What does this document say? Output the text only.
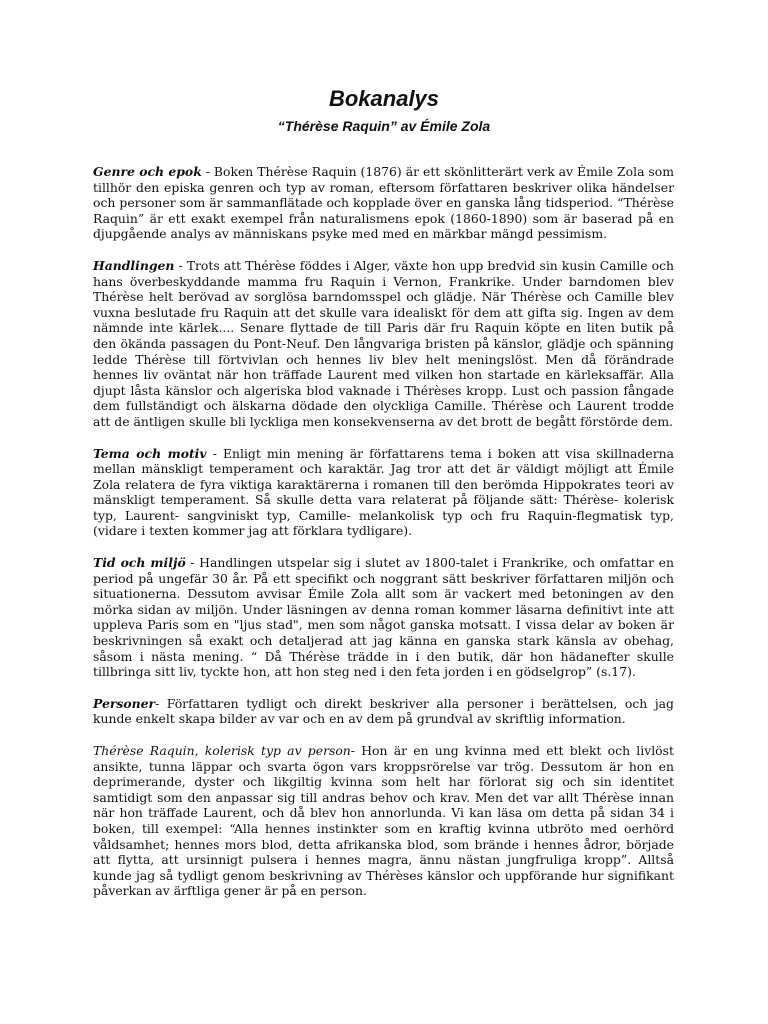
Bokanalys
“Thérèse Raquin” av Émile Zola

Genre och epok - Boken Thérèse Raquin (1876) är ett skönlitterärt verk av Émile Zola som tillhör den episka genren och typ av roman, eftersom författaren beskriver olika händelser och personer som är sammanflätade och kopplade över en ganska lång tidsperiod. “Thérèse Raquin” är ett exakt exempel från naturalismens epok (1860-1890) som är baserad på en djupgående analys av människans psyke med med en märkbar mängd pessimism.

Handlingen - Trots att Thérèse föddes i Alger, växte hon upp bredvid sin kusin Camille och hans överbeskyddande mamma fru Raquin i Vernon, Frankrike. Under barndomen blev Thérèse helt berövad av sorglösa barndomsspel och glädje. När Thérèse och Camille blev vuxna beslutade fru Raquin att det skulle vara idealiskt för dem att gifta sig. Ingen av dem nämnde inte kärlek.... Senare flyttade de till Paris där fru Raquin köpte en liten butik på den ökända passagen du Pont-Neuf. Den långvariga bristen på känslor, glädje och spänning ledde Thérèse till förtvivlan och hennes liv blev helt meningslöst. Men då förändrade hennes liv oväntat när hon träffade Laurent med vilken hon startade en kärleksaffär. Alla djupt låsta känslor och algeriska blod vaknade i Thérèses kropp. Lust och passion fångade dem fullständigt och älskarna dödade den olyckliga Camille. Thérèse och Laurent trodde att de äntligen skulle bli lyckliga men konsekvenserna av det brott de begått förstörde dem.

Tema och motiv - Enligt min mening är författarens tema i boken att visa skillnaderna mellan mänskligt temperament och karaktär. Jag tror att det är väldigt möjligt att Émile Zola relatera de fyra viktiga karaktärerna i romanen till den berömda Hippokrates teori av mänskligt temperament. Så skulle detta vara relaterat på följande sätt: Thérèse- kolerisk typ, Laurent- sangviniskt typ, Camille- melankolisk typ och fru Raquin-flegmatisk typ, (vidare i texten kommer jag att förklara tydligare).

Tid och miljö - Handlingen utspelar sig i slutet av 1800-talet i Frankrike, och omfattar en period på ungefär 30 år. På ett specifikt och noggrant sätt beskriver författaren miljön och situationerna. Dessutom avvisar Émile Zola allt som är vackert med betoningen av den mörka sidan av miljön. Under läsningen av denna roman kommer läsarna definitivt inte att uppleva Paris som en "ljus stad", men som något ganska motsatt. I vissa delar av boken är beskrivningen så exakt och detaljerad att jag känna en ganska stark känsla av obehag, såsom i nästa mening. “ Då Thérèse trädde in i den butik, där hon hädanefter skulle tillbringa sitt liv, tyckte hon, att hon steg ned i den feta jorden i en gödselgrop” (s.17).

Personer- Författaren tydligt och direkt beskriver alla personer i berättelsen, och jag kunde enkelt skapa bilder av var och en av dem på grundval av skriftlig information.

Thérèse Raquin, kolerisk typ av person- Hon är en ung kvinna med ett blekt och livlöst ansikte, tunna läppar och svarta ögon vars kroppsrörelse var trög. Dessutom är hon en deprimerande, dyster och likgiltig kvinna som helt har förlorat sig och sin identitet samtidigt som den anpassar sig till andras behov och krav. Men det var allt Thérèse innan när hon träffade Laurent, och då blev hon annorlunda. Vi kan läsa om detta på sidan 34 i boken, till exempel: “Alla hennes instinkter som en kraftig kvinna utbröto med oerhörd våldsamhet; hennes mors blod, detta afrikanska blod, som brände i hennes ådror, började att flytta, att ursinnigt pulsera i hennes magra, ännu nästan jungfruliga kropp”. Alltså kunde jag så tydligt genom beskrivning av Thérèses känslor och uppförande hur signifikant påverkan av ärftliga gener är på en person.
